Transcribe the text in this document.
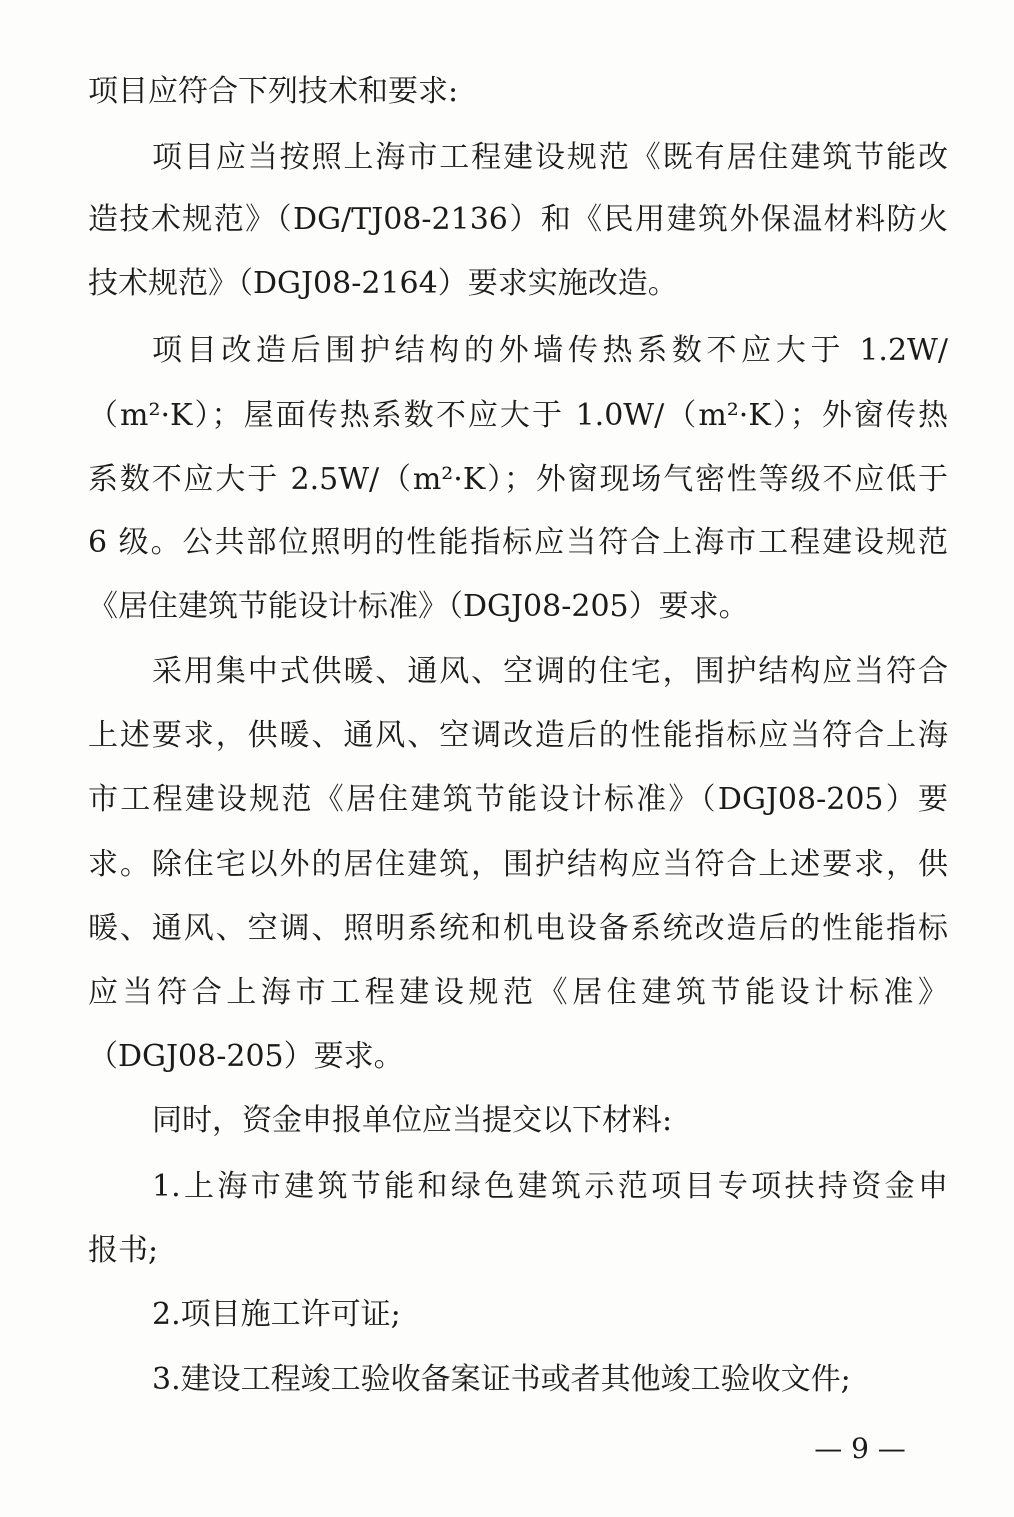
项目应符合下列技术和要求:
项目应当按照上海市工程建设规范《既有居住建筑节能改
造技术规范》（DG/TJ08-2136）和《民用建筑外保温材料防火
技术规范》（DGJ08-2164）要求实施改造。
项目改造后围护结构的外墙传热系数不应大于 1.2W/
（m²·K）；屋面传热系数不应大于 1.0W/（m²·K）；外窗传热
系数不应大于 2.5W/（m²·K）；外窗现场气密性等级不应低于
6 级。公共部位照明的性能指标应当符合上海市工程建设规范
《居住建筑节能设计标准》（DGJ08-205）要求。
采用集中式供暖、通风、空调的住宅，围护结构应当符合
上述要求，供暖、通风、空调改造后的性能指标应当符合上海
市工程建设规范《居住建筑节能设计标准》（DGJ08-205）要
求。除住宅以外的居住建筑，围护结构应当符合上述要求，供
暖、通风、空调、照明系统和机电设备系统改造后的性能指标
应当符合上海市工程建设规范《居住建筑节能设计标准》
（DGJ08-205）要求。
同时，资金申报单位应当提交以下材料:
1.上海市建筑节能和绿色建筑示范项目专项扶持资金申
报书;
2.项目施工许可证;
3.建设工程竣工验收备案证书或者其他竣工验收文件;
— 9 —
